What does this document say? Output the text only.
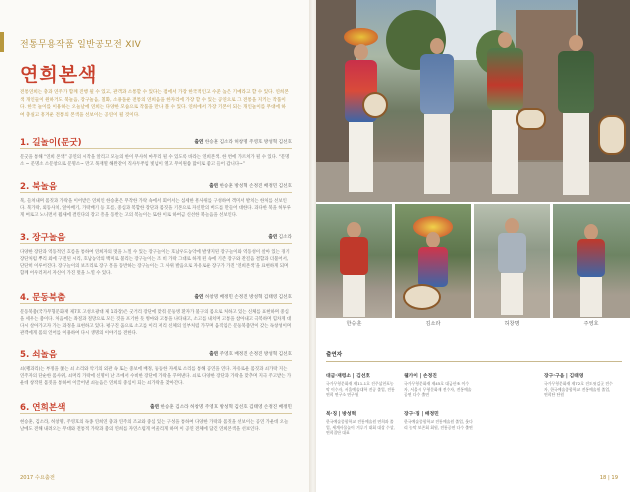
전통무용작품 일반공모전 XIV
연희본색
전통연희는 충과 연주가 함께 진행 될 수 있고, 관객과 소통할 수 있다는 점에서 가장 한국적인고 수준 높은 기예라고 할 수 있다. 연희본색 개인들이 원하거도 북놀음, 장구놀음, 칠화, 소용돌운 전통의 연희음을 한자리에 가장 할 수 있는 공연으로 그 전통을 지키는 작품이다. 한국 놀이를 이용하는 오늘날에 연희는 다양한 모습으로 작품을 만나 볼 수 있다. 연희에서 가장 기본이 되는 개인놀이를 무대에 하여 충실고 흥겨운 전통의 본색을 선보이는 공연이 될 것이다.
1. 길놀이(문굿)	출연 한승훈 김소라 허창명 주영호 방성혁 김선호
문굿을 통해 “연희 본색” 공연의 시작을 알리고 모놀의 한이 무사히 마무리 될 수 있도록 바라는 연희본색. 한 번에 가르쳐가 될 수 있다. “문명소 ~ 문명소 소문창으로 문명소~ 만고 목재열 해완같이 직사두쭈임 빛넘이 열고 무이원씀 많이로 좋고 들어 갑니다~”
2. 북놀음	출연 한승훈 방성혁 손정진 배정민 김선호
북, 들쳐내며 몸짓과 가락을 이어받은 연희인 한승훈은 무작한 가락 속에서 회어서는 섬세한 흥사위를 구성하여 객미서 발치는 한처를 선보인다. 북가락, 외동사치, 앞아배기, 가락배기 등 흐름, 중심과 복합한 장단과 몸짓을 기본으로 자신만의 버드를 만들어 대한다. 과다한 북을 허투루게 여로고 노니면서 월새에 결린다의 장고 흥을 동반는 고의 복놀이는 또한 이로 하여금 신선한 북놀음을 선보인다.
3. 장구놀음	출연 김소라
다양한 장단과 역동적인 흐름을 통하여 연희자의 멋을 느낄 수 있는 장구놀이는 호남우도농악에 발생지된 장구놀이와 역동성이 살아 있는 경기 장단처럼 뿌리 외에 구전된 시리, 호남농악의 백미로 불리는 장구놀이는 조 비 가락 그대로 하게 된 속에 기존 장구와 잔걸음 결합과 더불어서, 단단히 이루어진다. 장구놀이의 보조리로 장구 흥을 동반하는 장구놀이는 그 사위 발음으로 자유로운 장구가 가진 ‘연희본색’을 표현하게 되며 함께 어우러져서 자신이 가진 멋을 느낄 수 있다.
4. 문동북춤	출연 허창명 배정민 손정진 방성혁 김태영 김선호
문동북춤(국가무형문화재 제7호 고성오광대 제 1과장)은 굿거리 장단에 맞춰 문둥병 환자가 불구의 몸으로 처하고 있는 신체를 표현하며 중심을 세우는 춤이다. 처음에는 좌절과 절망으로 모든 것을 포기한 듯 병마와 고통을 나타내고, 소고를 내치며 고통을 참아내고 극복하며 힘차게 대 다시 살아가고자 가는 과정을 표현하고 있다. 평구진 움으로 소고를 이리 저리 신체의 일부처럼 가꾸며 움직임은 문둥북춤만이 갖는 독창성이며 관객에게 몸의 언어를 이용하여 다시 생명의 이야기를 전한다.
5. 쇠놀음	출연 주영호 배정진 손정진 방성혁 김선호
쇠(꽹과리)는 부정을 쫓는 쇠 소리와 악기의 외관 속 또는 중보에 배정, 둥등한 자세로 소리를 통해 공연을 연다. 자유로운 몸짓과 쇠가락 지는 연주자의 단순한 몸사위, 쇠머리 가락에 신명이 난 조에서 수비한 장단에 가락을 꾸며낸다. 쇠로 다양한 장단과 가락을 맞추며 지극 주고받는 가운데 창작된 몸짓을 통하여 이끌어낸 쇠놀음은 연희의 중심이 되는 쇠가락을 찾아간다.
6. 연희본색	출연 한승훈 김소라 허창명 주영호 방성혁 김선호 김태영 손정진 배정민
현승훈, 김소라, 허창명, 주영호의 독종 연희연 충과 연주의 조교와 중심 있는 구성을 통하여 다양한 가락과 몸짓을 선보이는 공연 가운데 오늘날에도 전해 내려오는 무대와 전통적 가락과 춤의 연희를 자연스럽게 어울리게 하며 이 공연 전체에 담긴 연희본색을 선보인다.
2017 수요춤전
한승훈	김소라	허창명	주영호
출연자
대금·재령소 | 김선호
국가무형문화재 제11-1호 진주삼천포농악 이수자, 서울예술대학 전공 졸업, 전통연희 연구소 연구원
웹가이 | 손정진
국가무형문화재 제45호 대금산조 이수자, 서울시 무형문화재 전수자, 전통예술 공연 다수 출연
장구·구음 | 김태영
국가무형문화재 제72호 진도씻김굿 전수자, 한국예술종합학교 전통예술원 졸업, 연희단 단원
북·징 | 방성혁
한국예술종합학교 전통예술원 연희과 졸업, 세계사물놀이 겨루기 대회 대상 수상, 연희집단 대표
장구·징 | 배정민
한국예술종합학교 전통예술원 졸업, 웃다리 농악 보존회 회원, 전통공연 다수 출연
18 | 19
